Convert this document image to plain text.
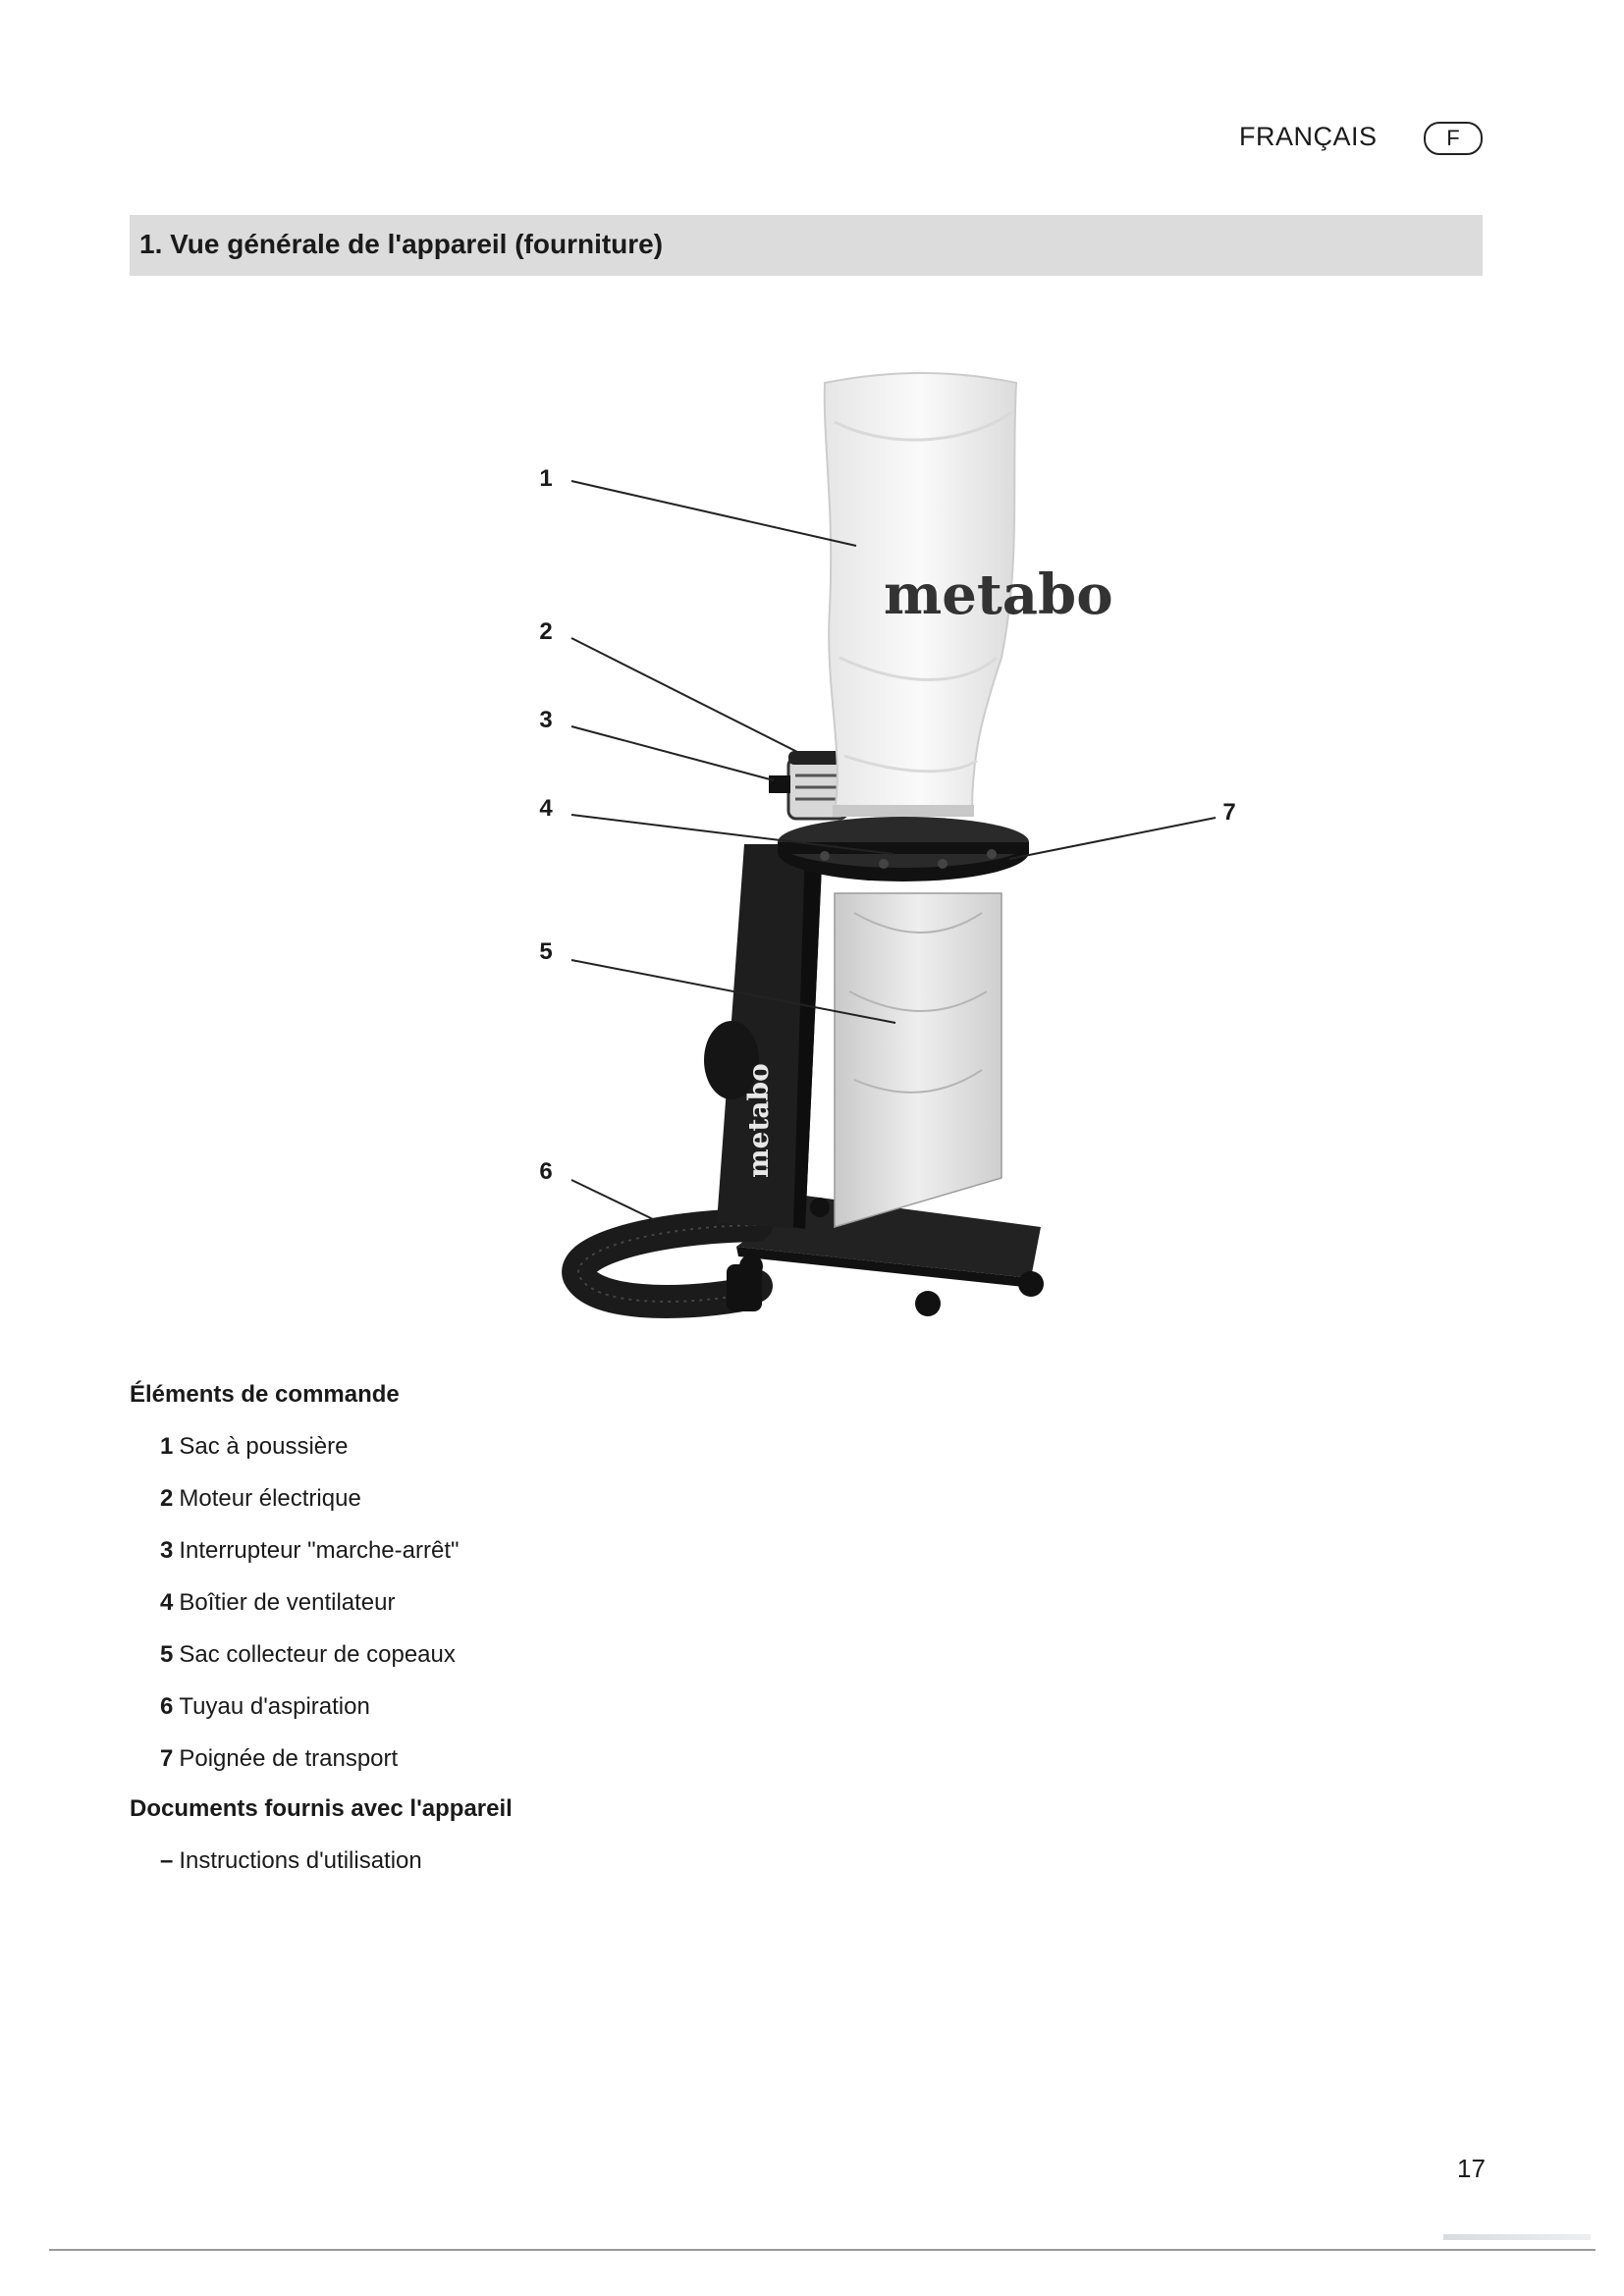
FRANÇAIS	F
1. Vue générale de l'appareil (fourniture)
metabo
metabo
1
2
3
4
5
6
7
Éléments de commande
1 Sac à poussière
2 Moteur électrique
3 Interrupteur "marche-arrêt"
4 Boîtier de ventilateur
5 Sac collecteur de copeaux
6 Tuyau d'aspiration
7 Poignée de transport
Documents fournis avec l'appareil
– Instructions d'utilisation
17
